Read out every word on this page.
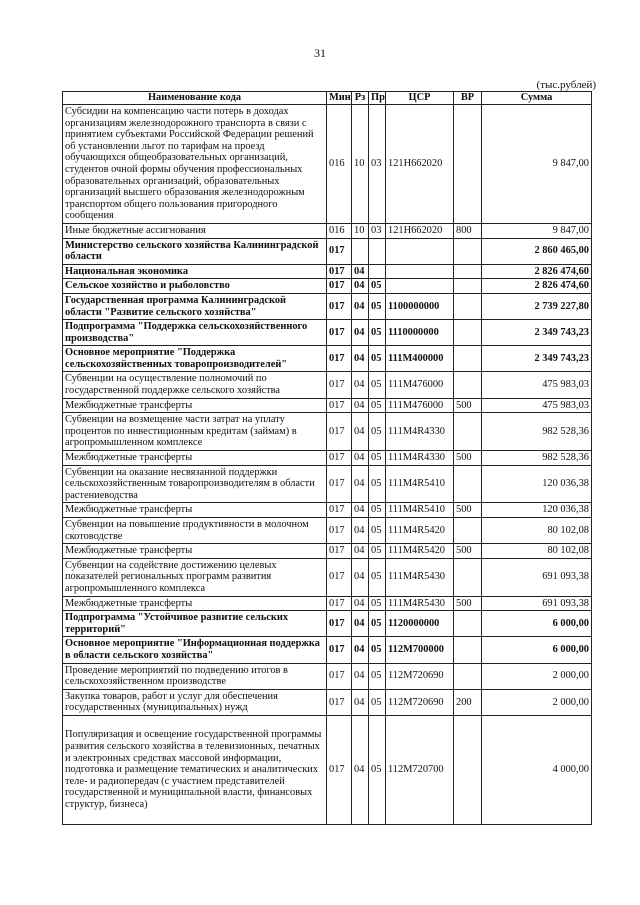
31
(тыс.рублей)
Наименование кода	Мин	Рз	Пр	ЦСР	ВР	Сумма
Субсидии на компенсацию части потерь в доходах организациям железнодорожного транспорта в связи с принятием субъектами Российской Федерации решений об установлении льгот по тарифам на проезд обучающихся общеобразовательных организаций, студентов очной формы обучения профессиональных образовательных организаций, образовательных организаций высшего образования железнодорожным транспортом общего пользования пригородного сообщения	016	10	03	121Н662020		9 847,00
Иные бюджетные ассигнования	016	10	03	121Н662020	800	9 847,00
Министерство сельского хозяйства Калининградской области	017					2 860 465,00
Национальная экономика	017	04				2 826 474,60
Сельское хозяйство и рыболовство	017	04	05			2 826 474,60
Государственная программа Калининградской области "Развитие сельского хозяйства"	017	04	05	1100000000		2 739 227,80
Подпрограмма "Поддержка сельскохозяйственного производства"	017	04	05	1110000000		2 349 743,23
Основное мероприятие "Поддержка сельскохозяйственных товаропроизводителей"	017	04	05	111М400000		2 349 743,23
Субвенции на осуществление полномочий по государственной поддержке сельского хозяйства	017	04	05	111М476000		475 983,03
Межбюджетные трансферты	017	04	05	111М476000	500	475 983,03
Субвенции на возмещение части затрат на уплату процентов по инвестиционным кредитам (займам) в агропромышленном комплексе	017	04	05	111М4R4330		982 528,36
Межбюджетные трансферты	017	04	05	111М4R4330	500	982 528,36
Субвенции на оказание несвязанной поддержки сельскохозяйственным товаропроизводителям в области растениеводства	017	04	05	111М4R5410		120 036,38
Межбюджетные трансферты	017	04	05	111М4R5410	500	120 036,38
Субвенции на повышение продуктивности в молочном скотоводстве	017	04	05	111М4R5420		80 102,08
Межбюджетные трансферты	017	04	05	111М4R5420	500	80 102,08
Субвенции на содействие достижению целевых показателей региональных программ развития агропромышленного комплекса	017	04	05	111М4R5430		691 093,38
Межбюджетные трансферты	017	04	05	111М4R5430	500	691 093,38
Подпрограмма "Устойчивое развитие сельских территорий"	017	04	05	1120000000		6 000,00
Основное мероприятие "Информационная поддержка в области сельского хозяйства"	017	04	05	112М700000		6 000,00
Проведение мероприятий по подведению итогов в сельскохозяйственном производстве	017	04	05	112М720690		2 000,00
Закупка товаров, работ и услуг для обеспечения государственных (муниципальных) нужд	017	04	05	112М720690	200	2 000,00
Популяризация и освещение государственной программы развития сельского хозяйства в телевизионных, печатных и электронных средствах массовой информации, подготовка и размещение тематических и аналитических теле- и радиопередач (с участием представителей государственной и муниципальной власти, финансовых структур, бизнеса)	017	04	05	112М720700		4 000,00
